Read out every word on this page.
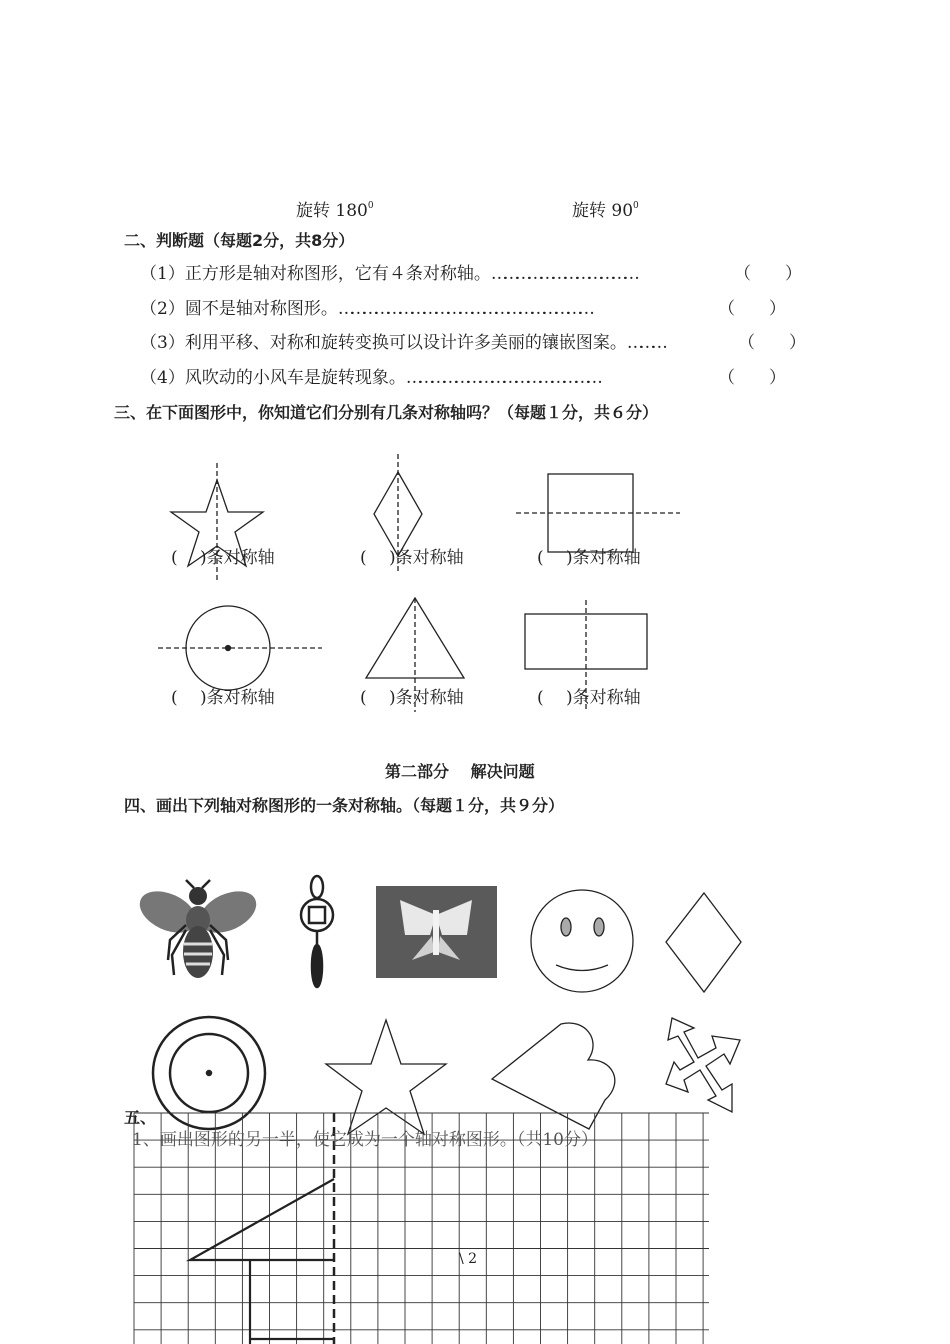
旋转 $180^0$	旋转 $90^0$
二、判断题（每题2分，共8分）
（1）正方形是轴对称图形，它有４条对称轴。………………………………	（　　）
（2）圆不是轴对称图形。………………………………………………………	（　　）
（3）利用平移、对称和旋转变换可以设计许多美丽的镶嵌图案。………	（　　）
（4）风吹动的小风车是旋转现象。…………………………………………	（　　）
三、在下面图形中，你知道它们分别有几条对称轴吗？（每题１分，共６分）
(　 )条对称轴	(　 )条对称轴	(　 )条对称轴
(　 )条对称轴	(　 )条对称轴	(　 )条对称轴
第二部分　 解决问题
四、画出下列轴对称图形的一条对称轴。（每题１分，共９分）
五、
1、画出图形的另一半，使它成为一个轴对称图形。（共10分）
\ 2
